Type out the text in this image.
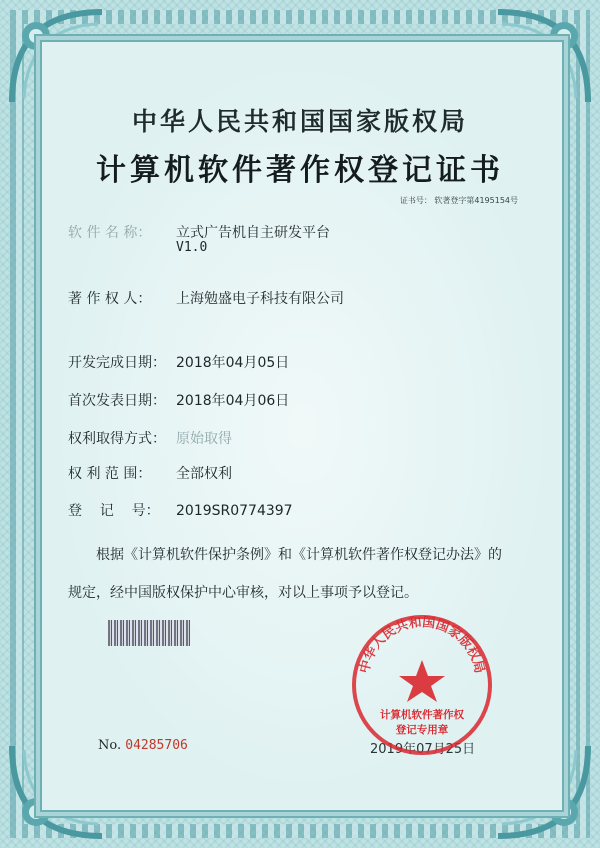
中华人民共和国国家版权局
计算机软件著作权登记证书
证书号： 软著登字第4195154号
软 件 名 称： 立式广告机自主研发平台
V1.0
著 作 权 人： 上海勉盛电子科技有限公司
开发完成日期： 2018年04月05日
首次发表日期： 2018年04月06日
权利取得方式： 原始取得
权 利 范 围： 全部权利
登    记    号： 2019SR0774397
根据《计算机软件保护条例》和《计算机软件著作权登记办法》的
规定，经中国版权保护中心审核，对以上事项予以登记。
No. 04285706	2019年07月25日
中华人民共和国国家版权局
计算机软件著作权
登记专用章
